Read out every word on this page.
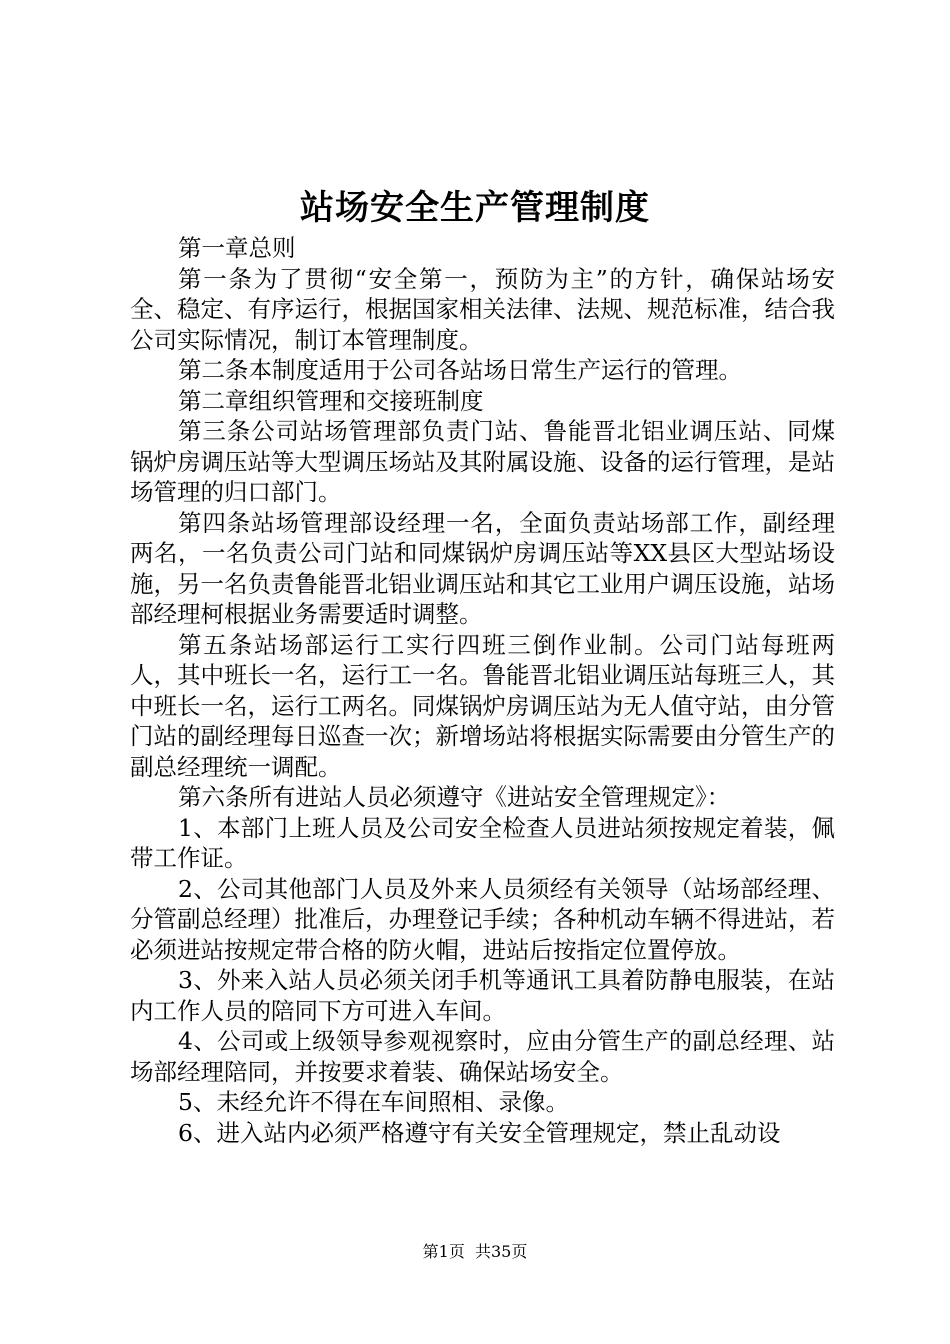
站场安全生产管理制度

第一章总则

第一条为了贯彻“安全第一，预防为主”的方针，确保站场安全、稳定、有序运行，根据国家相关法律、法规、规范标准，结合我公司实际情况，制订本管理制度。

第二条本制度适用于公司各站场日常生产运行的管理。

第二章组织管理和交接班制度

第三条公司站场管理部负责门站、鲁能晋北铝业调压站、同煤锅炉房调压站等大型调压场站及其附属设施、设备的运行管理，是站场管理的归口部门。

第四条站场管理部设经理一名，全面负责站场部工作，副经理两名，一名负责公司门站和同煤锅炉房调压站等XX县区大型站场设施，另一名负责鲁能晋北铝业调压站和其它工业用户调压设施，站场部经理柯根据业务需要适时调整。

第五条站场部运行工实行四班三倒作业制。公司门站每班两人，其中班长一名，运行工一名。鲁能晋北铝业调压站每班三人，其中班长一名，运行工两名。同煤锅炉房调压站为无人值守站，由分管门站的副经理每日巡查一次；新增场站将根据实际需要由分管生产的副总经理统一调配。

第六条所有进站人员必须遵守《进站安全管理规定》：

1、本部门上班人员及公司安全检查人员进站须按规定着装，佩带工作证。

2、公司其他部门人员及外来人员须经有关领导（站场部经理、分管副总经理）批准后，办理登记手续；各种机动车辆不得进站，若必须进站按规定带合格的防火帽，进站后按指定位置停放。

3、外来入站人员必须关闭手机等通讯工具着防静电服装，在站内工作人员的陪同下方可进入车间。

4、公司或上级领导参观视察时，应由分管生产的副总经理、站场部经理陪同，并按要求着装、确保站场安全。

5、未经允许不得在车间照相、录像。

6、进入站内必须严格遵守有关安全管理规定，禁止乱动设

第1页  共35页
